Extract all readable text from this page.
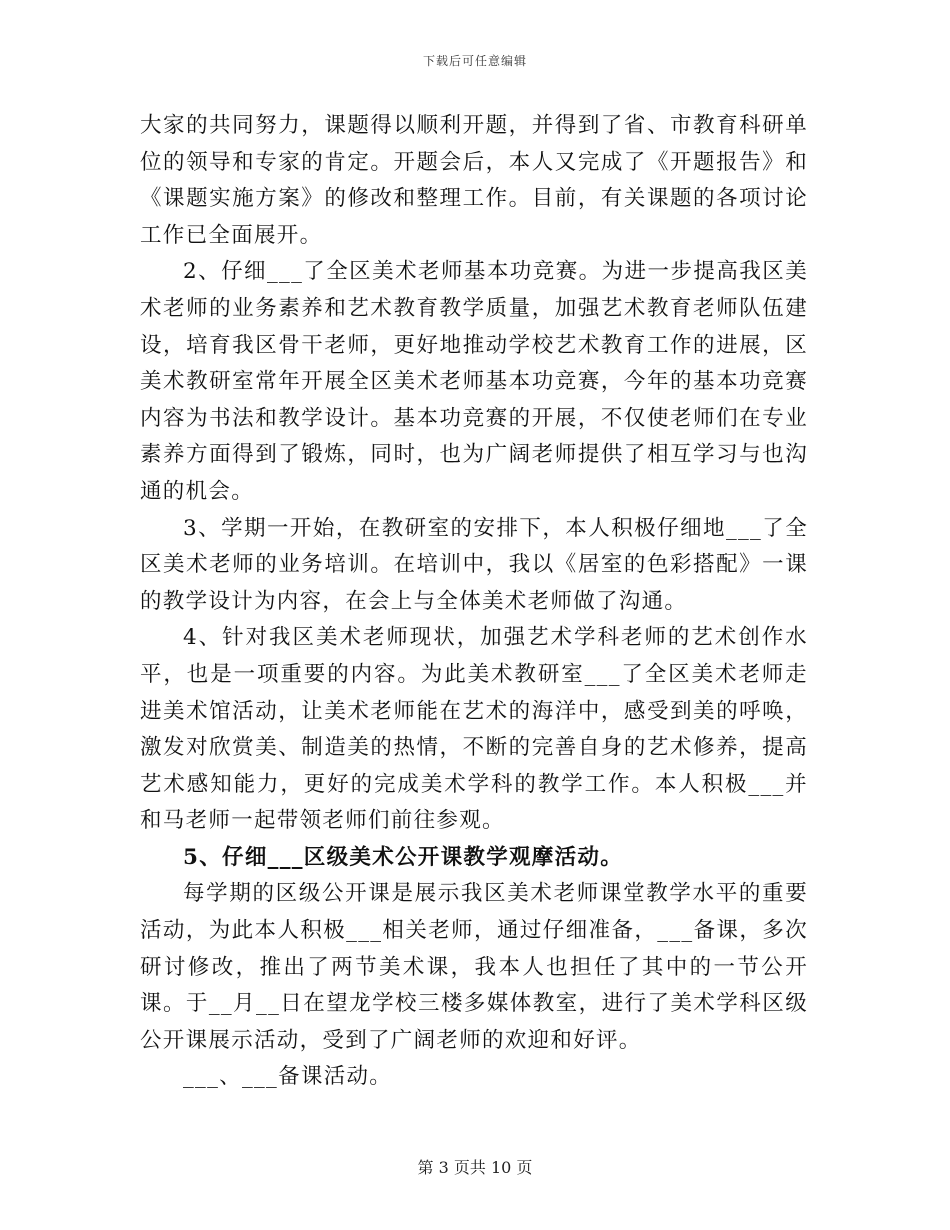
下载后可任意编辑

大家的共同努力，课题得以顺利开题，并得到了省、市教育科研单位的领导和专家的肯定。开题会后，本人又完成了《开题报告》和《课题实施方案》的修改和整理工作。目前，有关课题的各项讨论工作已全面展开。

2、仔细___了全区美术老师基本功竞赛。为进一步提高我区美术老师的业务素养和艺术教育教学质量，加强艺术教育老师队伍建设，培育我区骨干老师，更好地推动学校艺术教育工作的进展，区美术教研室常年开展全区美术老师基本功竞赛，今年的基本功竞赛内容为书法和教学设计。基本功竞赛的开展，不仅使老师们在专业素养方面得到了锻炼，同时，也为广阔老师提供了相互学习与也沟通的机会。

3、学期一开始，在教研室的安排下，本人积极仔细地___了全区美术老师的业务培训。在培训中，我以《居室的色彩搭配》一课的教学设计为内容，在会上与全体美术老师做了沟通。

4、针对我区美术老师现状，加强艺术学科老师的艺术创作水平，也是一项重要的内容。为此美术教研室___了全区美术老师走进美术馆活动，让美术老师能在艺术的海洋中，感受到美的呼唤，激发对欣赏美、制造美的热情，不断的完善自身的艺术修养，提高艺术感知能力，更好的完成美术学科的教学工作。本人积极___并和马老师一起带领老师们前往参观。

5、仔细___区级美术公开课教学观摩活动。

每学期的区级公开课是展示我区美术老师课堂教学水平的重要活动，为此本人积极___相关老师，通过仔细准备，___备课，多次研讨修改，推出了两节美术课，我本人也担任了其中的一节公开课。于__月__日在望龙学校三楼多媒体教室，进行了美术学科区级公开课展示活动，受到了广阔老师的欢迎和好评。

___、___备课活动。

第 3 页共 10 页
